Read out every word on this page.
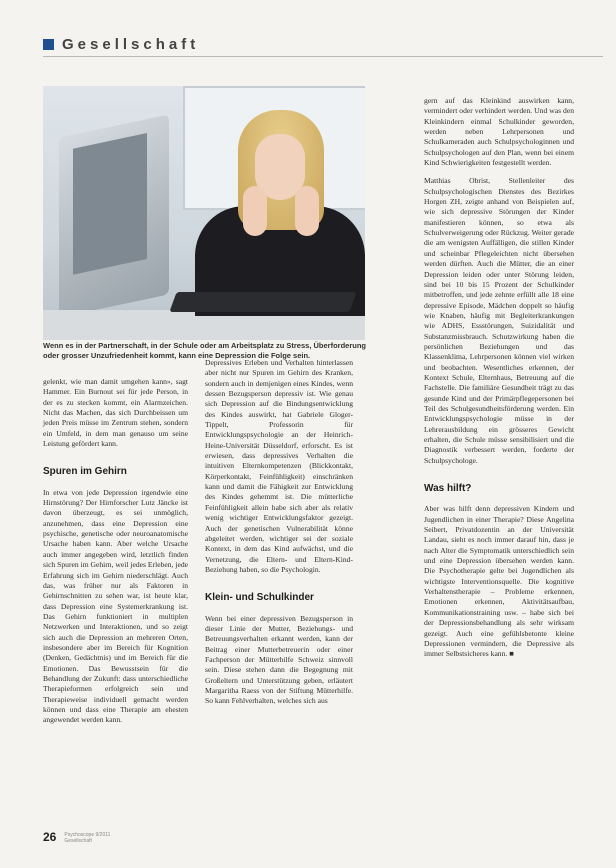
Gesellschaft
Wenn es in der Partnerschaft, in der Schule oder am Arbeitsplatz zu Stress, Überforderung oder grosser Unzufriedenheit kommt, kann eine Depression die Folge sein.

gelenkt, wie man damit umgehen kann», sagt Hammer. Ein Burnout sei für jede Person, in der es zu stecken kommt, ein Alarmzeichen. Nicht das Machen, das sich Durchbeissen um jeden Preis müsse im Zentrum stehen, sondern ein Umfeld, in dem man genauso um seine Leistung gefördert kann.

Spuren im Gehirn

In etwa von jede Depression irgendwie eine Hirnstörung? Der Hirnforscher Lutz Jäncke ist davon überzeugt, es sei unmöglich, anzunehmen, dass eine Depression eine psychische, genetische oder neuroanatomische Ursache haben kann. Aber welche Ursache auch immer angegeben wird, letztlich finden sich Spuren im Gehirn, weil jedes Erleben, jede Erfahrung sich im Gehirn niederschlägt. Auch das, was früher nur als Faktoren in Gehirnschnitten zu sehen war, ist heute klar, dass Depression eine Systemerkrankung ist. Das Gehirn funktioniert in multiplen Netzwerken und Interaktionen, und so zeigt sich auch die Depression an mehreren Orten, insbesondere aber im Bereich für Kognition (Denken, Gedächtnis) und im Bereich für die Emotionen. Das Bewusstsein für die Behandlung der Zukunft: dass unterschiedliche Therapieformen erfolgreich sein und Therapieweise individuell gemacht werden können und dass eine Therapie am ehesten angewendet werden kann.

Depressives Erleben und Verhalten hinterlassen aber nicht nur Spuren im Gehirn des Kranken, sondern auch in demjenigen eines Kindes, wenn dessen Bezugsperson depressiv ist. Wie genau sich Depression auf die Bindungsentwicklung des Kindes auswirkt, hat Gabriele Gloger-Tippelt, Professorin für Entwicklungspsychologie an der Heinrich-Heine-Universität Düsseldorf, erforscht. Es ist erwiesen, dass depressives Verhalten die intuitiven Elternkompetenzen (Blickkontakt, Körperkontakt, Feinfühligkeit) einschränken kann und damit die Fähigkeit zur Entwicklung des Kindes gehemmt ist. Die mütterliche Feinfühligkeit allein habe sich aber als relativ wenig wichtiger Entwicklungsfaktor gezeigt. Auch der genetischen Vulnerabilität könne abgeleitet werden, wichtiger sei der soziale Kontext, in dem das Kind aufwächst, und die Vernetzung, die Eltern- und Eltern-Kind-Beziehung haben, so die Psychologin.

Klein- und Schulkinder

Wenn bei einer depressiven Bezugsperson in dieser Linie der Mutter, Beziehungs- und Betreuungsverhalten erkannt werden, kann der Beitrag einer Mutterbetreuerin oder einer Fachperson der Mütterhilfe Schweiz sinnvoll sein. Diese stehen dann die Begegnung mit Großeltern und Unterstützung geben, erläutert Margaritha Raess von der Stiftung Mütterhilfe. So kann Fehlverhalten, welches sich aus

gern auf das Kleinkind auswirken kann, vermindert oder verhindert werden. Und was den Kleinkindern einmal Schulkinder geworden, werden neben Lehrpersonen und Schulkameraden auch Schulpsychologinnen und Schulpsychologen auf den Plan, wenn bei einem Kind Schwierigkeiten festgestellt werden.

Matthias Obrist, Stellenleiter des Schulpsychologischen Dienstes des Bezirkes Horgen ZH, zeigte anhand von Beispielen auf, wie sich depressive Störungen der Kinder manifestieren können, so etwa als Schulverweigerung oder Rückzug. Weiter gerade die am wenigsten Auffälligen, die stillen Kinder und scheinbar Pflegeleichten nicht übersehen werden dürften. Auch die Mütter, die an einer Depression leiden oder unter Störung leiden, sind bei 10 bis 15 Prozent der Schulkinder mitbetroffen, und jede zehnte erfüllt alle 18 eine depressive Episode, Mädchen doppelt so häufig wie Knaben, häufig mit Begleiterkrankungen wie ADHS, Essstörungen, Suizidalität und Substanzmissbrauch. Schutzwirkung haben die persönlichen Beziehungen und das Klassenklima, Lehrpersonen können viel wirken und beobachten. Wesentliches erkennen, der Kontext Schule, Elternhaus, Betreuung auf die Fachstelle. Die familiäre Gesundheit trägt zu das gesunde Kind und der Primärpflegepersonen bei Teil des Schulgesundheitsförderung werden. Ein Entwicklungspsychologie müsse in der Lehrerausbildung ein grösseres Gewicht erhalten, die Schule müsse sensibilisiert und die Diagnostik verbessert werden, forderte der Schulpsychologe.

Was hilft?

Aber was hilft denn depressiven Kindern und Jugendlichen in einer Therapie? Diese Angelina Seibert, Privatdozentin an der Universität Landau, sieht es noch immer darauf hin, dass je nach Alter die Symptomatik unterschiedlich sein und eine Depression übersehen werden kann. Die Psychotherapie gelte bei Jugendlichen als wichtigste Interventionsquelle. Die kognitive Verhaltenstherapie – Probleme erkennen, Emotionen erkennen, Aktivitätsaufbau, Kommunikationstraining usw. – habe sich bei der Depressionsbehandlung als sehr wirksam gezeigt. Auch eine gefühlsbetonte kleine Depressionen vermindern, die Depressive als immer Selbstsicheres kann. ■

26 Psychoscope 9/2011
Gesellschaft
